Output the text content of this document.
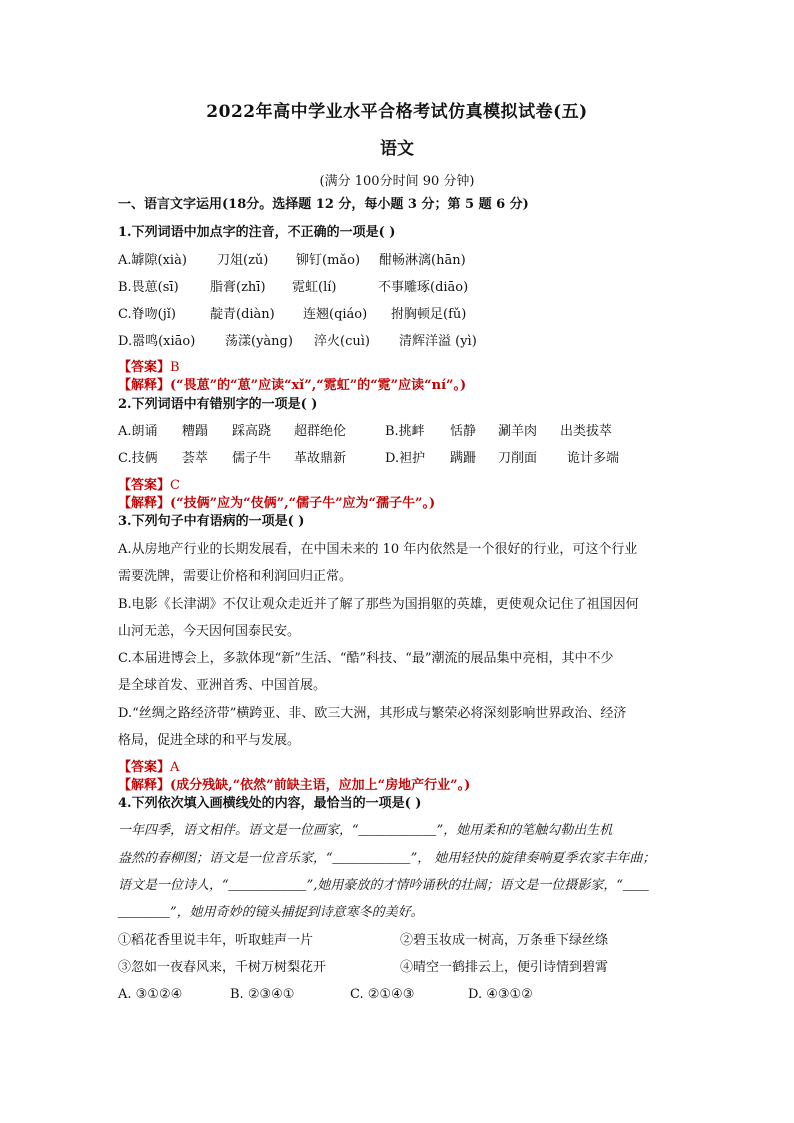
2022年高中学业水平合格考试仿真模拟试卷(五)
语文
(满分 100分时间 90 分钟)
一、语言文字运用(18分。选择题 12 分，每小题 3 分；第 5 题 6 分)
1.下列词语中加点字的注音，不正确的一项是( )
A.罅隙(xià) 刀俎(zǔ) 铆钉(mǎo) 酣畅淋漓(hān)
B.畏葸(sī) 脂膏(zhī) 霓虹(lí)	不事雕琢(diāo)
C.脊吻(jǐ)	靛青(diàn) 连翘(qiáo) 拊胸顿足(fǔ)
D.嚣鸣(xiāo) 荡漾(yàng) 淬火(cuì) 清辉洋溢 (yì)
【答案】B
【解释】(“畏葸”的“葸”应读“xǐ”,“霓虹”的“霓”应读“ní”。)
2.下列词语中有错别字的一项是( )
A.朗诵 糟蹋 踩高跷 超群绝伦	B.挑衅 恬静 涮羊肉 出类拔萃
C.技俩 荟萃 儒子牛 革故鼎新	D.袒护 蹒跚 刀削面 诡计多端
【答案】C
【解释】(“技俩”应为“伎俩”,“儒子牛”应为“孺子牛”。)
3.下列句子中有语病的一项是( )
A.从房地产行业的长期发展看，在中国未来的 10 年内依然是一个很好的行业，可这个行业
需要洗牌，需要让价格和利润回归正常。
B.电影《长津湖》不仅让观众走近并了解了那些为国捐躯的英雄，更使观众记住了祖国因何
山河无恙，今天因何国泰民安。
C.本届进博会上，多款体现“新”生活、“酷”科技、“最”潮流的展品集中亮相，其中不少
是全球首发、亚洲首秀、中国首展。
D.“丝绸之路经济带”横跨亚、非、欧三大洲，其形成与繁荣必将深刻影响世界政治、经济
格局，促进全球的和平与发展。
【答案】A
【解释】(成分残缺,“依然”前缺主语，应加上“房地产行业”。)
4.下列依次填入画横线处的内容，最恰当的一项是( )
一年四季，语文相伴。语文是一位画家，“＿＿＿＿＿＿”，她用柔和的笔触勾勒出生机
盎然的春柳图；语文是一位音乐家，“＿＿＿＿＿＿”， 她用轻快的旋律奏响夏季农家丰年曲；
语文是一位诗人，“＿＿＿＿＿＿”,她用豪放的才情吟诵秋的壮阔；语文是一位摄影家，“＿＿
＿＿＿＿”，她用奇妙的镜头捕捉到诗意寒冬的美好。
①稻花香里说丰年，听取蛙声一片	②碧玉妆成一树高，万条垂下绿丝绦
③忽如一夜春风来，千树万树梨花开	④晴空一鹤排云上，便引诗情到碧霄
A. ③①②④	B. ②③④①	C. ②①④③	D. ④③①②
